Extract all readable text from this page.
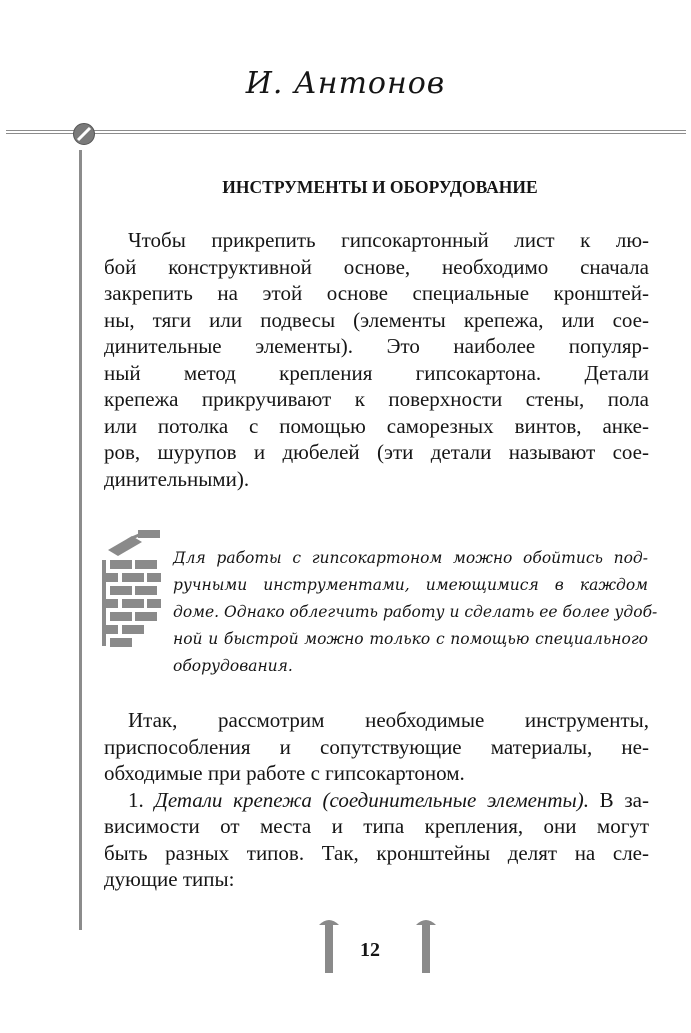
И. Антонов
ИНСТРУМЕНТЫ И ОБОРУДОВАНИЕ
Чтобы прикрепить гипсокартонный лист к лю-
бой конструктивной основе, необходимо сначала
закрепить на этой основе специальные кронштей-
ны, тяги или подвесы (элементы крепежа, или сое-
динительные элементы). Это наиболее популяр-
ный метод крепления гипсокартона. Детали
крепежа прикручивают к поверхности стены, пола
или потолка с помощью саморезных винтов, анке-
ров, шурупов и дюбелей (эти детали называют сое-
динительными).
Для работы с гипсокартоном можно обойтись под-
ручными инструментами, имеющимися в каждом
доме. Однако облегчить работу и сделать ее более удоб-
ной и быстрой можно только с помощью специального
оборудования.
Итак, рассмотрим необходимые инструменты,
приспособления и сопутствующие материалы, не-
обходимые при работе с гипсокартоном.
1. Детали крепежа (соединительные элементы). В за-
висимости от места и типа крепления, они могут
быть разных типов. Так, кронштейны делят на сле-
дующие типы:
12
